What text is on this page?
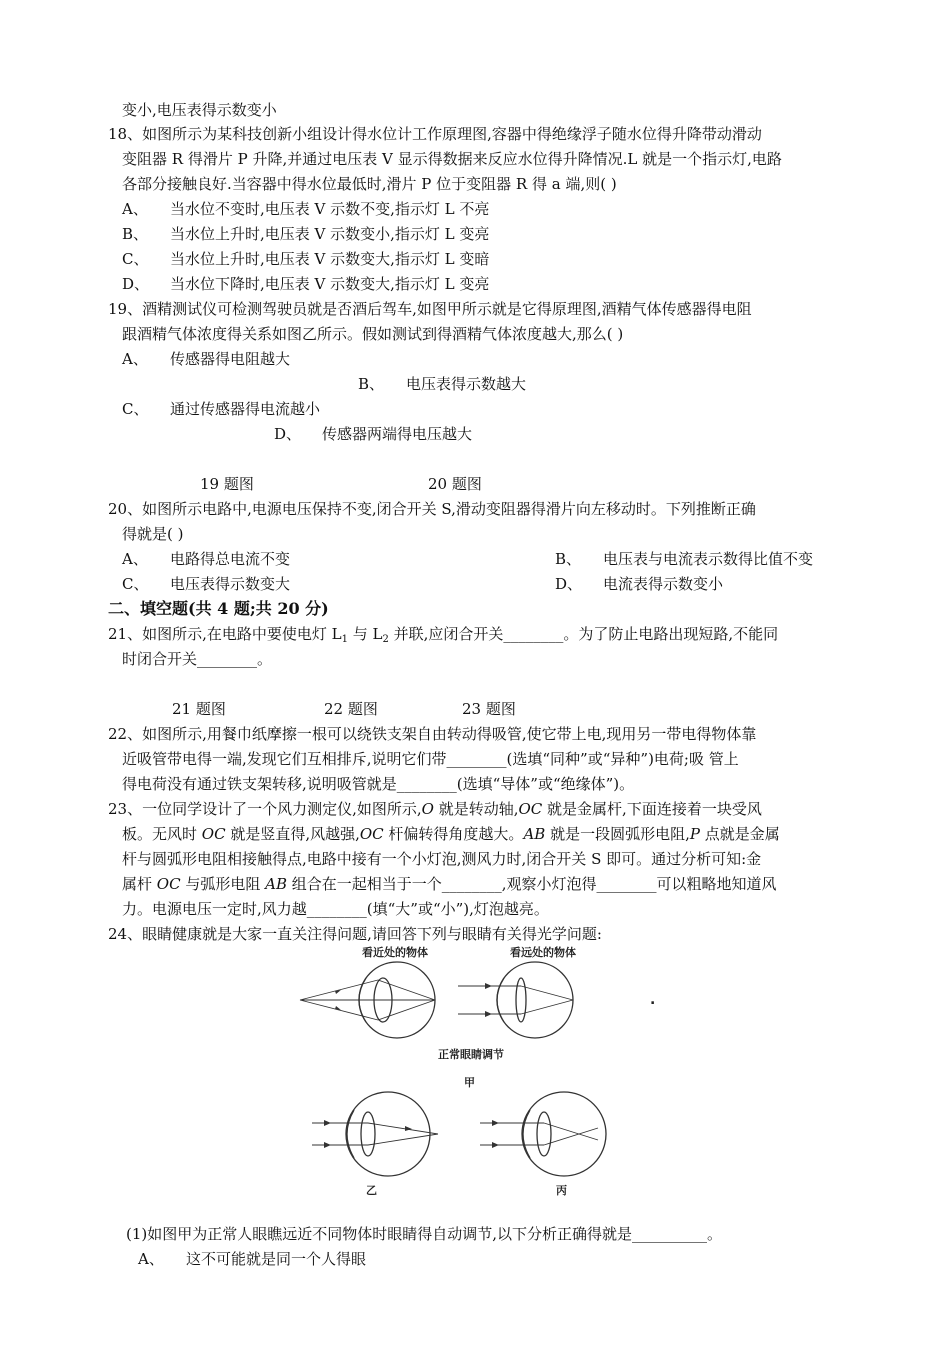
变小,电压表得示数变小
18、如图所示为某科技创新小组设计得水位计工作原理图,容器中得绝缘浮子随水位得升降带动滑动
变阻器 R 得滑片 P 升降,并通过电压表 V 显示得数据来反应水位得升降情况.L 就是一个指示灯,电路
各部分接触良好.当容器中得水位最低时,滑片 P 位于变阻器 R 得 a 端,则( )
A、 当水位不变时,电压表 V 示数不变,指示灯 L 不亮
B、 当水位上升时,电压表 V 示数变小,指示灯 L 变亮
C、 当水位上升时,电压表 V 示数变大,指示灯 L 变暗
D、 当水位下降时,电压表 V 示数变大,指示灯 L 变亮
19、酒精测试仪可检测驾驶员就是否酒后驾车,如图甲所示就是它得原理图,酒精气体传感器得电阻
跟酒精气体浓度得关系如图乙所示。假如测试到得酒精气体浓度越大,那么( )
A、 传感器得电阻越大
B、 电压表得示数越大
C、 通过传感器得电流越小
D、 传感器两端得电压越大
19 题图	20 题图
20、如图所示电路中,电源电压保持不变,闭合开关 S,滑动变阻器得滑片向左移动时。下列推断正确
得就是( )
A、 电路得总电流不变	B、 电压表与电流表示数得比值不变
C、 电压表得示数变大	D、 电流表得示数变小
二、填空题(共 4 题;共 20 分)
21、如图所示,在电路中要使电灯 $L_1$ 与 $L_2$ 并联,应闭合开关________。为了防止电路出现短路,不能同
时闭合开关________。
21 题图	22 题图	23 题图
22、如图所示,用餐巾纸摩擦一根可以绕铁支架自由转动得吸管,使它带上电,现用另一带电得物体靠
近吸管带电得一端,发现它们互相排斥,说明它们带________(选填“同种”或“异种”)电荷;吸 管上
得电荷没有通过铁支架转移,说明吸管就是________(选填“导体”或“绝缘体”)。
23、一位同学设计了一个风力测定仪,如图所示,O 就是转动轴,OC 就是金属杆,下面连接着一块受风
板。无风时 OC 就是竖直得,风越强,OC 杆偏转得角度越大。AB 就是一段圆弧形电阻,P 点就是金属
杆与圆弧形电阻相接触得点,电路中接有一个小灯泡,测风力时,闭合开关 S 即可。通过分析可知:金
属杆 OC 与弧形电阻 AB 组合在一起相当于一个________,观察小灯泡得________可以粗略地知道风
力。电源电压一定时,风力越________(填“大”或“小”),灯泡越亮。
24、眼睛健康就是大家一直关注得问题,请回答下列与眼睛有关得光学问题:
看近处的物体	看远处的物体
.
正常眼睛调节
甲
乙	丙
(1)如图甲为正常人眼瞧远近不同物体时眼睛得自动调节,以下分析正确得就是__________。
A、 这不可能就是同一个人得眼
